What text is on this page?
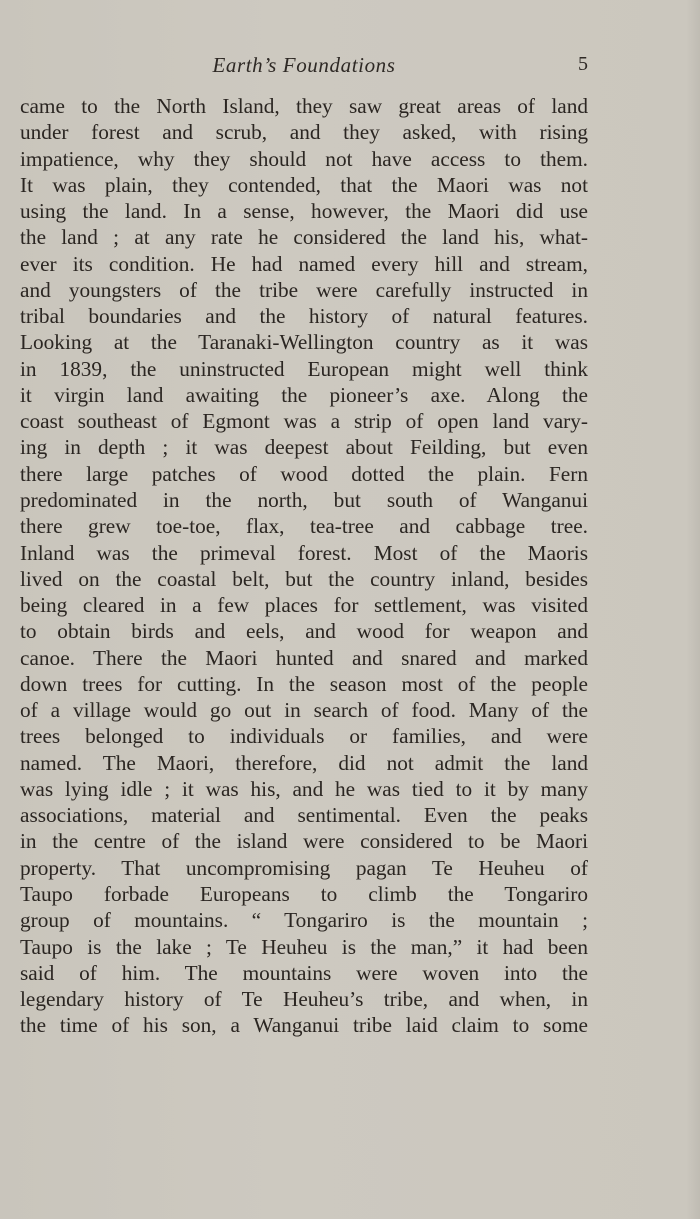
Earth’s Foundations	5
came to the North Island, they saw great areas of land
under forest and scrub, and they asked, with rising
impatience, why they should not have access to them.
It was plain, they contended, that the Maori was not
using the land. In a sense, however, the Maori did use
the land ; at any rate he considered the land his, what-
ever its condition. He had named every hill and stream,
and youngsters of the tribe were carefully instructed in
tribal boundaries and the history of natural features.
Looking at the Taranaki-Wellington country as it was
in 1839, the uninstructed European might well think
it virgin land awaiting the pioneer’s axe. Along the
coast southeast of Egmont was a strip of open land vary-
ing in depth ; it was deepest about Feilding, but even
there large patches of wood dotted the plain. Fern
predominated in the north, but south of Wanganui
there grew toe-toe, flax, tea-tree and cabbage tree.
Inland was the primeval forest. Most of the Maoris
lived on the coastal belt, but the country inland, besides
being cleared in a few places for settlement, was visited
to obtain birds and eels, and wood for weapon and
canoe. There the Maori hunted and snared and marked
down trees for cutting. In the season most of the people
of a village would go out in search of food. Many of the
trees belonged to individuals or families, and were
named. The Maori, therefore, did not admit the land
was lying idle ; it was his, and he was tied to it by many
associations, material and sentimental. Even the peaks
in the centre of the island were considered to be Maori
property. That uncompromising pagan Te Heuheu of
Taupo forbade Europeans to climb the Tongariro
group of mountains. “ Tongariro is the mountain ;
Taupo is the lake ; Te Heuheu is the man,” it had been
said of him. The mountains were woven into the
legendary history of Te Heuheu’s tribe, and when, in
the time of his son, a Wanganui tribe laid claim to some
